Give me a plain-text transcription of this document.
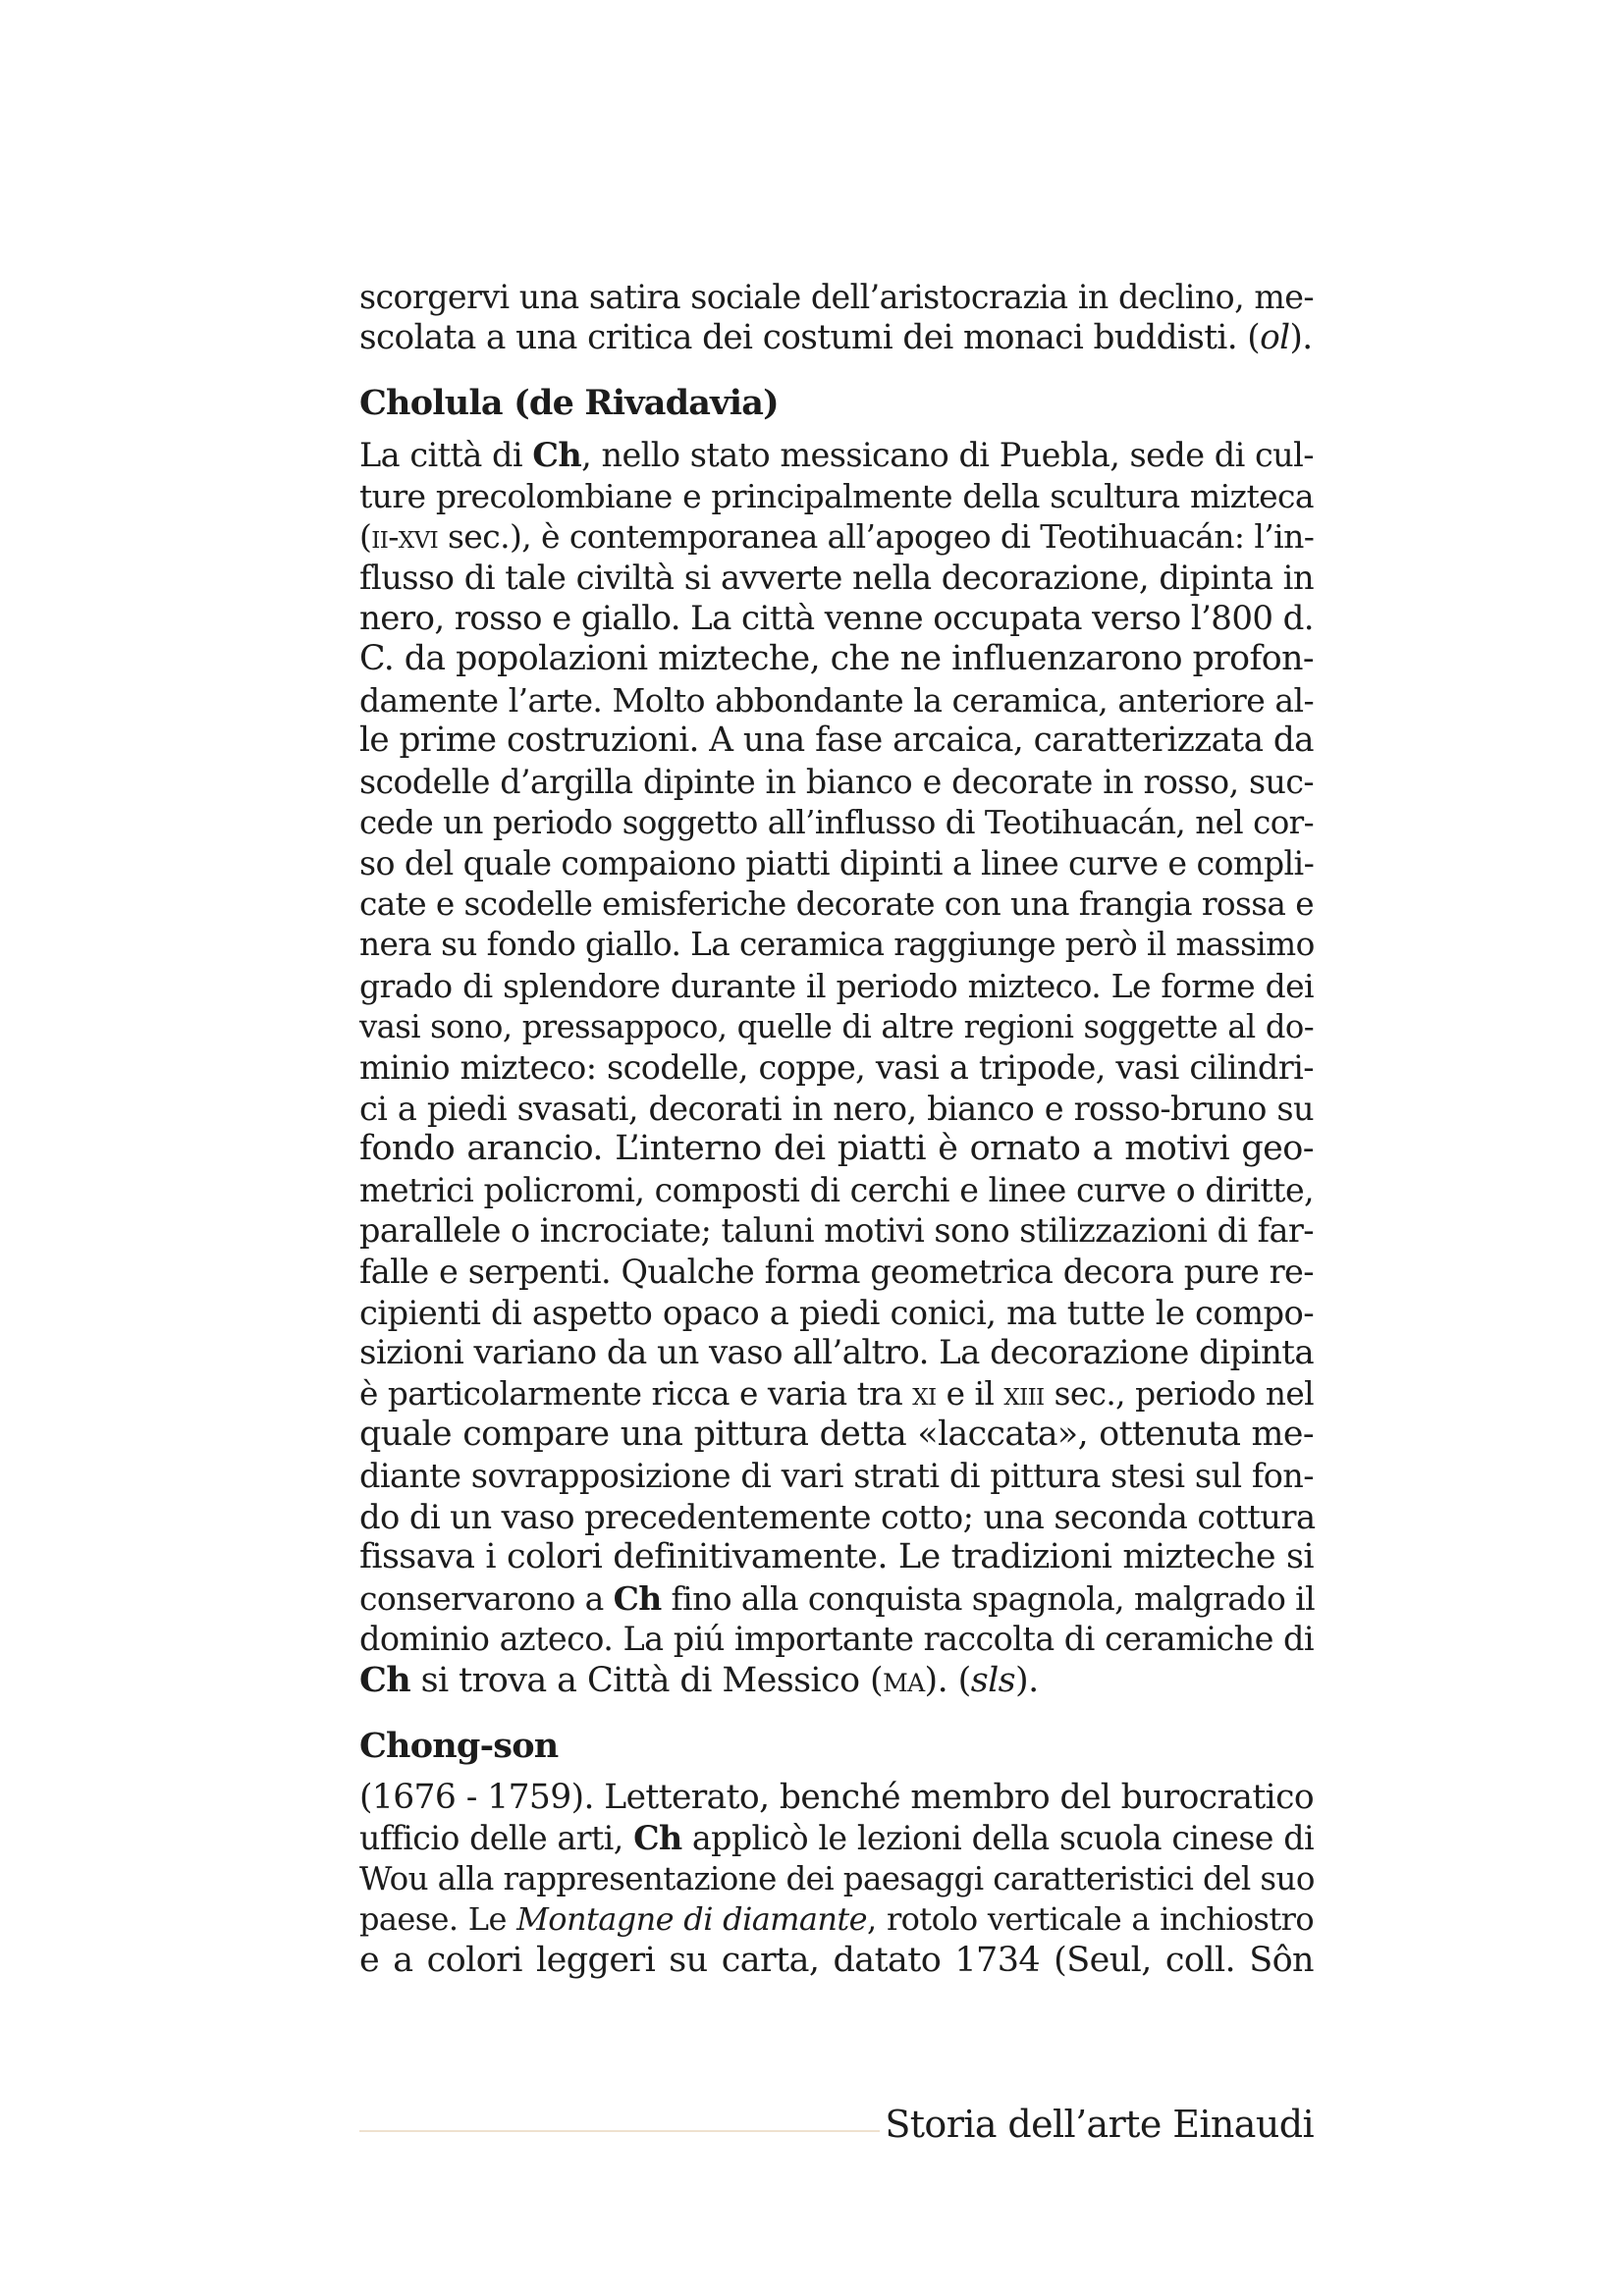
scorgervi una satira sociale dell’aristocrazia in declino, me-
scolata a una critica dei costumi dei monaci buddisti. (ol).
Cholula (de Rivadavia)
La città di Ch, nello stato messicano di Puebla, sede di cul-
ture precolombiane e principalmente della scultura mizteca
(ii-xvi sec.), è contemporanea all’apogeo di Teotihuacán: l’in-
flusso di tale civiltà si avverte nella decorazione, dipinta in
nero, rosso e giallo. La città venne occupata verso l’800 d.
C. da popolazioni mizteche, che ne influenzarono profon-
damente l’arte. Molto abbondante la ceramica, anteriore al-
le prime costruzioni. A una fase arcaica, caratterizzata da
scodelle d’argilla dipinte in bianco e decorate in rosso, suc-
cede un periodo soggetto all’influsso di Teotihuacán, nel cor-
so del quale compaiono piatti dipinti a linee curve e compli-
cate e scodelle emisferiche decorate con una frangia rossa e
nera su fondo giallo. La ceramica raggiunge però il massimo
grado di splendore durante il periodo mizteco. Le forme dei
vasi sono, pressappoco, quelle di altre regioni soggette al do-
minio mizteco: scodelle, coppe, vasi a tripode, vasi cilindri-
ci a piedi svasati, decorati in nero, bianco e rosso-bruno su
fondo arancio. L’interno dei piatti è ornato a motivi geo-
metrici policromi, composti di cerchi e linee curve o diritte,
parallele o incrociate; taluni motivi sono stilizzazioni di far-
falle e serpenti. Qualche forma geometrica decora pure re-
cipienti di aspetto opaco a piedi conici, ma tutte le compo-
sizioni variano da un vaso all’altro. La decorazione dipinta
è particolarmente ricca e varia tra xi e il xiii sec., periodo nel
quale compare una pittura detta «laccata», ottenuta me-
diante sovrapposizione di vari strati di pittura stesi sul fon-
do di un vaso precedentemente cotto; una seconda cottura
fissava i colori definitivamente. Le tradizioni mizteche si
conservarono a Ch fino alla conquista spagnola, malgrado il
dominio azteco. La piú importante raccolta di ceramiche di
Ch si trova a Città di Messico (ma). (sls).
Chong-son
(1676 - 1759). Letterato, benché membro del burocratico
ufficio delle arti, Ch applicò le lezioni della scuola cinese di
Wou alla rappresentazione dei paesaggi caratteristici del suo
paese. Le Montagne di diamante, rotolo verticale a inchiostro
e a colori leggeri su carta, datato 1734 (Seul, coll. Sôn
Storia dell’arte Einaudi
